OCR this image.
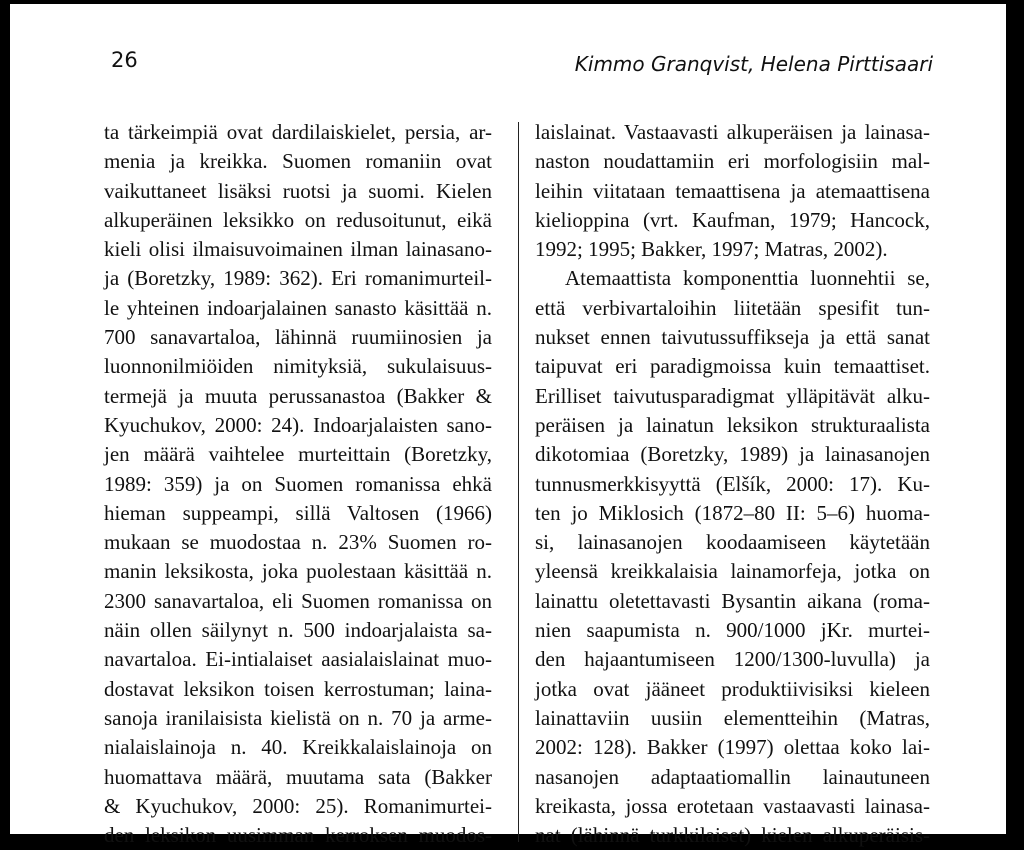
26	Kimmo Granqvist, Helena Pirttisaari
ta tärkeimpiä ovat dardilaiskielet, persia, ar-
menia ja kreikka. Suomen romaniin ovat
vaikuttaneet lisäksi ruotsi ja suomi. Kielen
alkuperäinen leksikko on redusoitunut, eikä
kieli olisi ilmaisuvoimainen ilman lainasano-
ja (Boretzky, 1989: 362). Eri romanimurteil-
le yhteinen indoarjalainen sanasto käsittää n.
700 sanavartaloa, lähinnä ruumiinosien ja
luonnonilmiöiden nimityksiä, sukulaisuus-
termejä ja muuta perussanastoa (Bakker &
Kyuchukov, 2000: 24). Indoarjalaisten sano-
jen määrä vaihtelee murteittain (Boretzky,
1989: 359) ja on Suomen romanissa ehkä
hieman suppeampi, sillä Valtosen (1966)
mukaan se muodostaa n. 23% Suomen ro-
manin leksikosta, joka puolestaan käsittää n.
2300 sanavartaloa, eli Suomen romanissa on
näin ollen säilynyt n. 500 indoarjalaista sa-
navartaloa. Ei-intialaiset aasialaislainat muo-
dostavat leksikon toisen kerrostuman; laina-
sanoja iranilaisista kielistä on n. 70 ja arme-
nialaislainoja n. 40. Kreikkalaislainoja on
huomattava määrä, muutama sata (Bakker
& Kyuchukov, 2000: 25). Romanimurtei-
den leksikon uusimman kerroksen muodos-
laislainat. Vastaavasti alkuperäisen ja lainasa-
naston noudattamiin eri morfologisiin mal-
leihin viitataan temaattisena ja atemaattisena
kielioppina (vrt. Kaufman, 1979; Hancock,
1992; 1995; Bakker, 1997; Matras, 2002).
Atemaattista komponenttia luonnehtii se,
että verbivartaloihin liitetään spesifit tun-
nukset ennen taivutussuffikseja ja että sanat
taipuvat eri paradigmoissa kuin temaattiset.
Erilliset taivutusparadigmat ylläpitävät alku-
peräisen ja lainatun leksikon strukturaalista
dikotomiaa (Boretzky, 1989) ja lainasanojen
tunnusmerkkisyyttä (Elšík, 2000: 17). Ku-
ten jo Miklosich (1872–80 II: 5–6) huoma-
si, lainasanojen koodaamiseen käytetään
yleensä kreikkalaisia lainamorfeja, jotka on
lainattu oletettavasti Bysantin aikana (roma-
nien saapumista n. 900/1000 jKr. murtei-
den hajaantumiseen 1200/1300-luvulla) ja
jotka ovat jääneet produktiivisiksi kieleen
lainattaviin uusiin elementteihin (Matras,
2002: 128). Bakker (1997) olettaa koko lai-
nasanojen adaptaatiomallin lainautuneen
kreikasta, jossa erotetaan vastaavasti lainasa-
nat (lähinnä turkkilaiset) kielen alkuperäisis-
